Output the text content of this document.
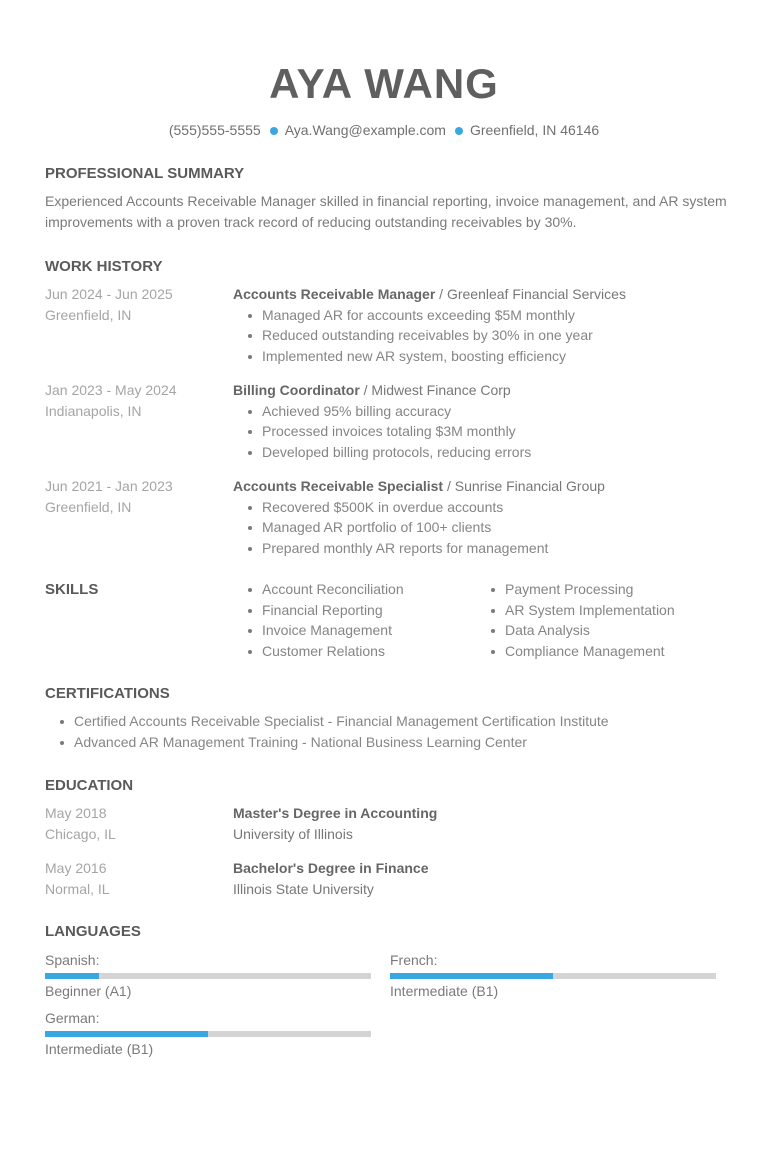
AYA WANG
(555)555-5555 Aya.Wang@example.com Greenfield, IN 46146
PROFESSIONAL SUMMARY
Experienced Accounts Receivable Manager skilled in financial reporting, invoice management, and AR system improvements with a proven track record of reducing outstanding receivables by 30%.
WORK HISTORY
Jun 2024 - Jun 2025
Greenfield, IN
Accounts Receivable Manager / Greenleaf Financial Services
Managed AR for accounts exceeding $5M monthly
Reduced outstanding receivables by 30% in one year
Implemented new AR system, boosting efficiency
Jan 2023 - May 2024
Indianapolis, IN
Billing Coordinator / Midwest Finance Corp
Achieved 95% billing accuracy
Processed invoices totaling $3M monthly
Developed billing protocols, reducing errors
Jun 2021 - Jan 2023
Greenfield, IN
Accounts Receivable Specialist / Sunrise Financial Group
Recovered $500K in overdue accounts
Managed AR portfolio of 100+ clients
Prepared monthly AR reports for management
SKILLS	Account Reconciliation
Financial Reporting
Invoice Management
Customer Relations
Payment Processing
AR System Implementation
Data Analysis
Compliance Management
CERTIFICATIONS
Certified Accounts Receivable Specialist - Financial Management Certification Institute
Advanced AR Management Training - National Business Learning Center
EDUCATION
May 2018
Chicago, IL
Master's Degree in Accounting
University of Illinois
May 2016
Normal, IL
Bachelor's Degree in Finance
Illinois State University
LANGUAGES
Spanish:
Beginner (A1)
French:
Intermediate (B1)
German:
Intermediate (B1)
